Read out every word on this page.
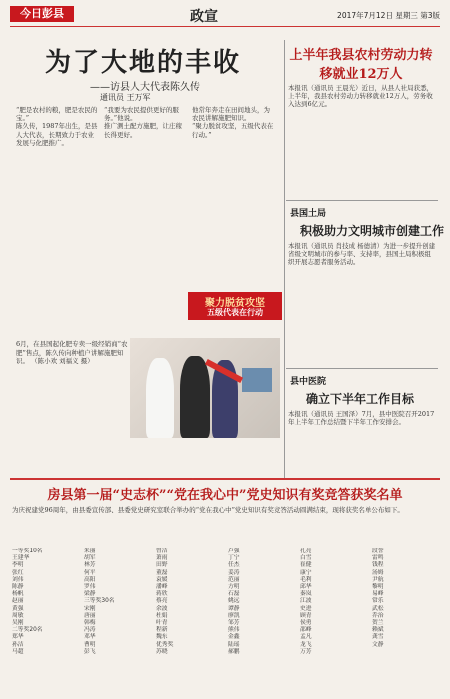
今日彭县	政宣	2017年7月12日 星期三 第3版
为了大地的丰收
——访县人大代表陈久传
通讯员 王万军
“肥是农村的粮，肥是农民的宝。”
陈久传，1987年出生，是县人大代表，长期致力于农业发展与化肥推广。
“我要为农民提供更好的服务。”他说。
推广测土配方施肥，让庄稼长得更好。
他常年奔走在田间地头，为农民讲解施肥知识。
“聚力脱贫攻坚，五级代表在行动。”
聚力脱贫攻坚
五级代表在行动
上半年我县农村劳动力转移就业12万人
本报讯（通讯员 王晨光）近日，从县人社局获悉，上半年，我县农村劳动力转移就业12万人，劳务收入达到6亿元。
县国土局
积极助力文明城市创建工作
本报讯（通讯员 肖技成 杨德清）为进一步提升创建省级文明城市的参与率、支持率，县国土局积极组织开展志愿者服务活动。
县中医院
确立下半年工作目标
本报讯（通讯员 王国泽）7月，县中医院召开2017年上半年工作总结暨下半年工作安排会。
6月，在县国起化肥专卖一级经销商“农肥”售点，陈久传向种植户讲解施肥知识。 （陈小欢 刘福义 摄）
房县第一届“史志杯”“党在我心中”党史知识有奖竞答获奖名单
为庆祝建党96周年，由县委宣传部、县委党史研究室联合举办的“党在我心中”党史知识有奖竞答活动圆满结束，现将获奖名单公布如下。
一等奖10名
王建华
李明
张红
刘伟
陈静
杨帆
赵丽
黄强
周敏
吴刚
二等奖20名
郑华
孙洁
马超
朱丽
胡军
林芳
何平
高阳
罗伟
梁静
三等奖30名
宋刚
唐丽
韩梅
冯涛
邓华
曹明
彭飞
曾洁
萧雨
田野
董磊
袁媛
潘峰
蒋欣
蔡亮
余波
杜娟
叶青
程新
魏东
优秀奖
苏晓
卢强
丁宁
任杰
姜涛
范丽
方明
石磊
姚远
谭静
廖凯
邹芳
熊伟
金鑫
陆瑶
郝鹏
孔亮
白雪
崔健
康宁
毛利
邱华
秦岚
江波
史进
顾青
侯勇
邵峰
孟凡
龙飞
万芳
段誉
雷鸣
钱程
汤姆
尹航
黎明
易峰
常乐
武松
乔治
贺兰
赖斌
龚雪
文静
